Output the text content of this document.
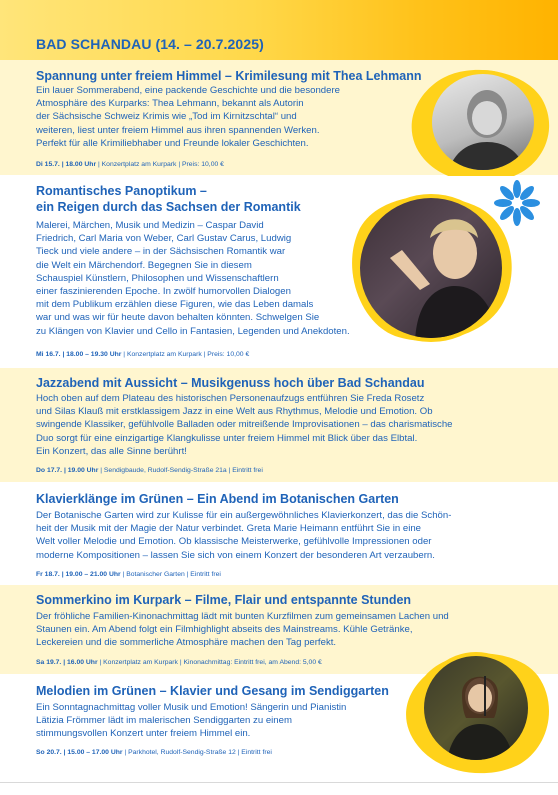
BAD SCHANDAU (14. – 20.7.2025)
Spannung unter freiem Himmel – Krimilesung mit Thea Lehmann

Ein lauer Sommerabend, eine packende Geschichte und die besondere

Atmosphäre des Kurparks: Thea Lehmann, bekannt als Autorin

der Sächsische Schweiz Krimis wie „Tod im Kirnitzschtal“ und

weiteren, liest unter freiem Himmel aus ihren spannenden Werken.

Perfekt für alle Krimiliebhaber und Freunde lokaler Geschichten.

Di 15.7. | 18.00 Uhr | Konzertplatz am Kurpark | Preis: 10,00 €
Romantisches Panoptikum –
ein Reigen durch das Sachsen der Romantik

Malerei, Märchen, Musik und Medizin – Caspar David

Friedrich, Carl Maria von Weber, Carl Gustav Carus, Ludwig

Tieck und viele andere – in der Sächsischen Romantik war

die Welt ein Märchendorf. Begegnen Sie in diesem

Schauspiel Künstlern, Philosophen und Wissenschaftlern

einer faszinierenden Epoche. In zwölf humorvollen Dialogen

mit dem Publikum erzählen diese Figuren, wie das Leben damals

war und was wir für heute davon behalten könnten. Schwelgen Sie

zu Klängen von Klavier und Cello in Fantasien, Legenden und Anekdoten.

Mi 16.7. | 18.00 – 19.30 Uhr | Konzertplatz am Kurpark | Preis: 10,00 €
Jazzabend mit Aussicht – Musikgenuss hoch über Bad Schandau

Hoch oben auf dem Plateau des historischen Personenaufzugs entführen Sie Freda Rosetz

und Silas Klauß mit erstklassigem Jazz in eine Welt aus Rhythmus, Melodie und Emotion. Ob

swingende Klassiker, gefühlvolle Balladen oder mitreißende Improvisationen – das charismatische

Duo sorgt für eine einzigartige Klangkulisse unter freiem Himmel mit Blick über das Elbtal.

Ein Konzert, das alle Sinne berührt!

Do 17.7. | 19.00 Uhr | Sendigbaude, Rudolf-Sendig-Straße 21a | Eintritt frei
Klavierklänge im Grünen – Ein Abend im Botanischen Garten

Der Botanische Garten wird zur Kulisse für ein außergewöhnliches Klavierkonzert, das die Schön-

heit der Musik mit der Magie der Natur verbindet. Greta Marie Heimann entführt Sie in eine

Welt voller Melodie und Emotion. Ob klassische Meisterwerke, gefühlvolle Impressionen oder

moderne Kompositionen – lassen Sie sich von einem Konzert der besonderen Art verzaubern.

Fr 18.7. | 19.00 – 21.00 Uhr | Botanischer Garten | Eintritt frei
Sommerkino im Kurpark – Filme, Flair und entspannte Stunden

Der fröhliche Familien-Kinonachmittag lädt mit bunten Kurzfilmen zum gemeinsamen Lachen und

Staunen ein. Am Abend folgt ein Filmhighlight abseits des Mainstreams. Kühle Getränke,

Leckereien und die sommerliche Atmosphäre machen den Tag perfekt.

Sa 19.7. | 16.00 Uhr | Konzertplatz am Kurpark | Kinonachmittag: Eintritt frei, am Abend: 5,00 €
Melodien im Grünen – Klavier und Gesang im Sendiggarten

Ein Sonntagnachmittag voller Musik und Emotion! Sängerin und Pianistin

Lätizia Frömmer lädt im malerischen Sendiggarten zu einem

stimmungsvollen Konzert unter freiem Himmel ein.

So 20.7. | 15.00 – 17.00 Uhr | Parkhotel, Rudolf-Sendig-Straße 12 | Eintritt frei
